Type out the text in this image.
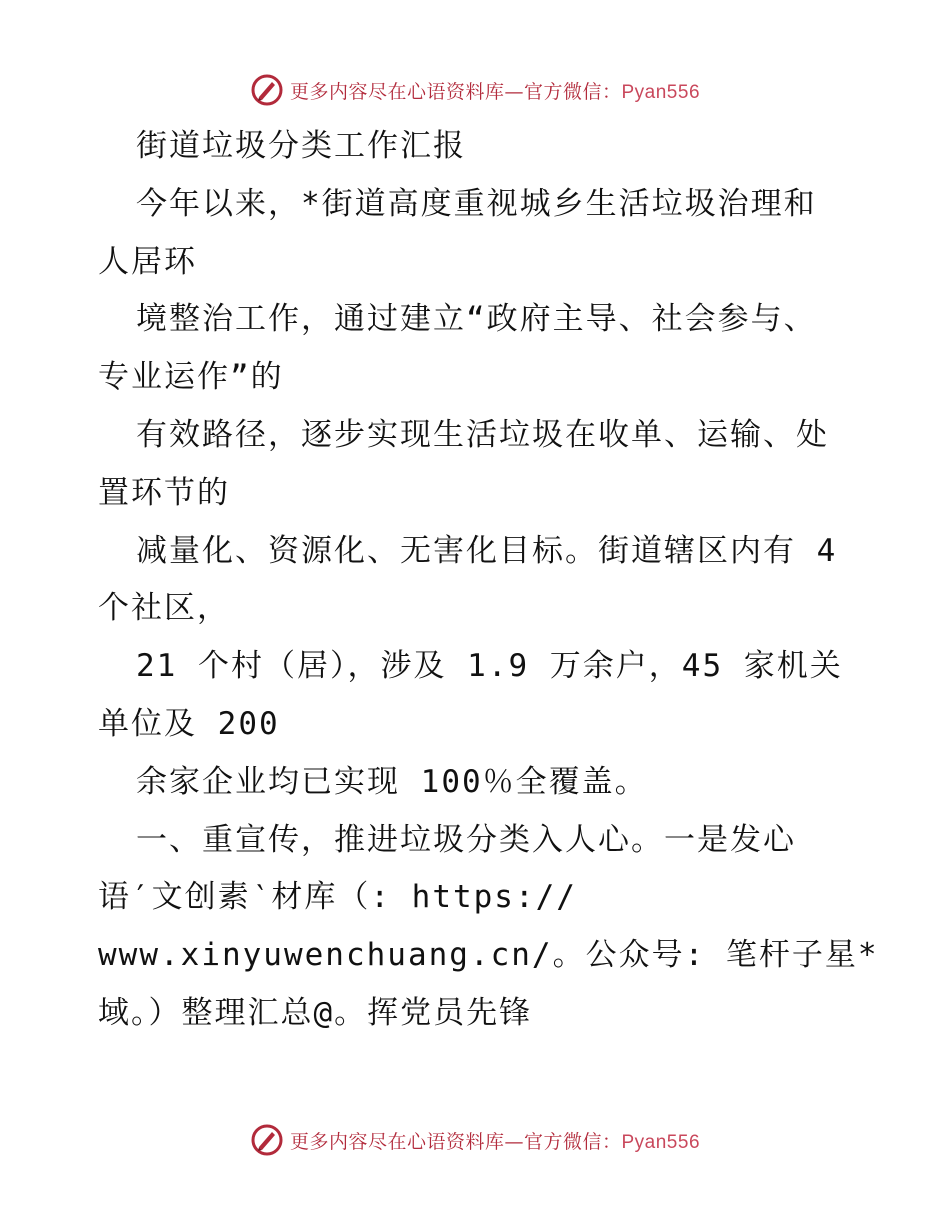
更多内容尽在心语资料库—官方微信：Pyan556
街道垃圾分类工作汇报
今年以来，*街道高度重视城乡生活垃圾治理和
人居环
境整治工作，通过建立“政府主导、社会参与、
专业运作”的
有效路径，逐步实现生活垃圾在收单、运输、处
置环节的
减量化、资源化、无害化目标。街道辖区内有 4
个社区，
21 个村（居），涉及 1.9 万余户，45 家机关
单位及 200
余家企业均已实现 100％全覆盖。
一、重宣传，推进垃圾分类入人心。一是发心
语′文创素‵材库（: https://
www.xinyuwenchuang.cn/。公众号: 笔杆子星*
域。）整理汇总@。挥党员先锋
更多内容尽在心语资料库—官方微信：Pyan556
